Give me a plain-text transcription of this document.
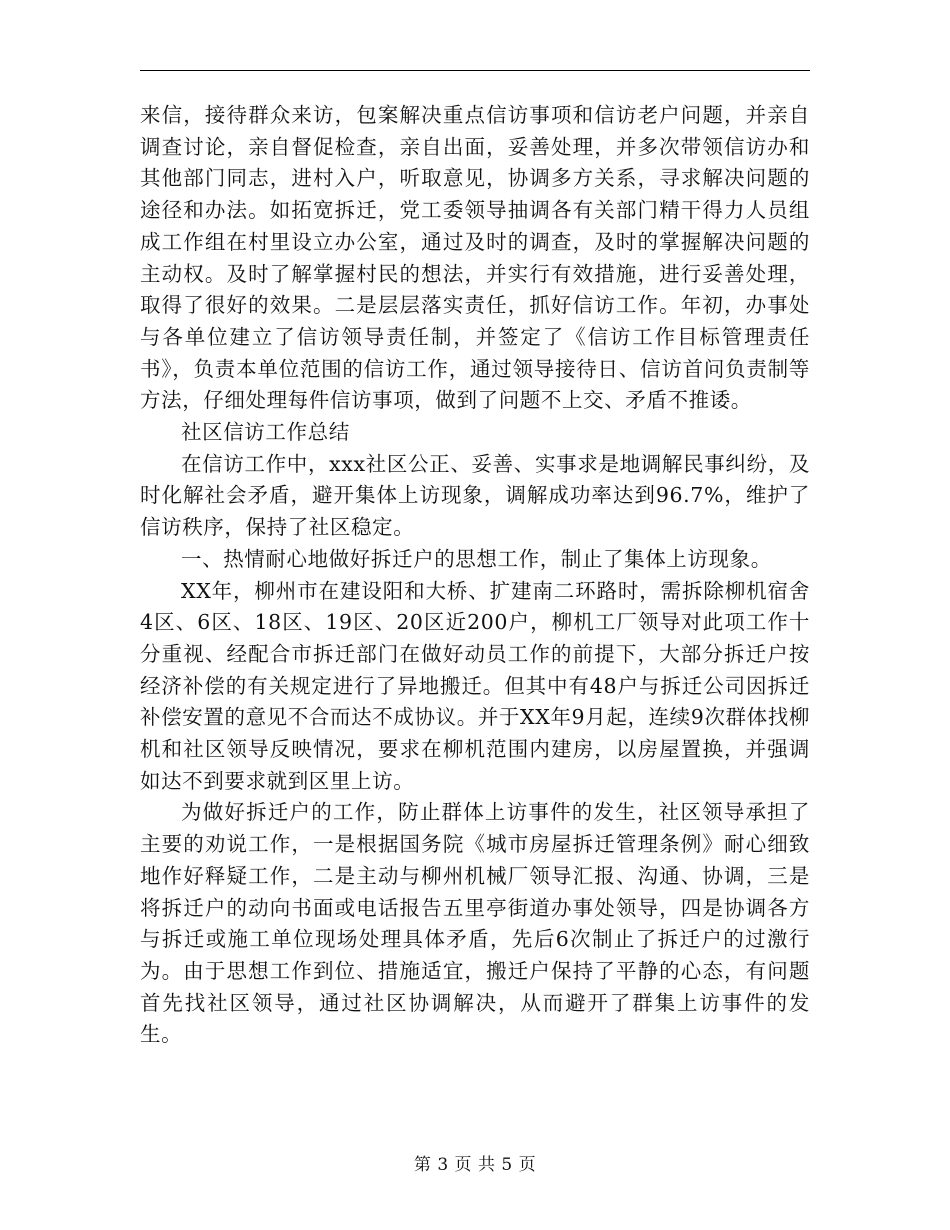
来信，接待群众来访，包案解决重点信访事项和信访老户问题，并亲自调查讨论，亲自督促检查，亲自出面，妥善处理，并多次带领信访办和其他部门同志，进村入户，听取意见，协调多方关系，寻求解决问题的途径和办法。如拓宽拆迁，党工委领导抽调各有关部门精干得力人员组成工作组在村里设立办公室，通过及时的调查，及时的掌握解决问题的主动权。及时了解掌握村民的想法，并实行有效措施，进行妥善处理，取得了很好的效果。二是层层落实责任，抓好信访工作。年初，办事处与各单位建立了信访领导责任制，并签定了《信访工作目标管理责任书》，负责本单位范围的信访工作，通过领导接待日、信访首问负责制等方法，仔细处理每件信访事项，做到了问题不上交、矛盾不推诿。

社区信访工作总结

在信访工作中，xxx社区公正、妥善、实事求是地调解民事纠纷，及时化解社会矛盾，避开集体上访现象，调解成功率达到96.7%，维护了信访秩序，保持了社区稳定。

一、热情耐心地做好拆迁户的思想工作，制止了集体上访现象。

XX年，柳州市在建设阳和大桥、扩建南二环路时，需拆除柳机宿舍4区、6区、18区、19区、20区近200户，柳机工厂领导对此项工作十分重视、经配合市拆迁部门在做好动员工作的前提下，大部分拆迁户按经济补偿的有关规定进行了异地搬迁。但其中有48户与拆迁公司因拆迁补偿安置的意见不合而达不成协议。并于XX年9月起，连续9次群体找柳机和社区领导反映情况，要求在柳机范围内建房，以房屋置换，并强调如达不到要求就到区里上访。

为做好拆迁户的工作，防止群体上访事件的发生，社区领导承担了主要的劝说工作，一是根据国务院《城市房屋拆迁管理条例》耐心细致地作好释疑工作，二是主动与柳州机械厂领导汇报、沟通、协调，三是将拆迁户的动向书面或电话报告五里亭街道办事处领导，四是协调各方与拆迁或施工单位现场处理具体矛盾，先后6次制止了拆迁户的过激行为。由于思想工作到位、措施适宜，搬迁户保持了平静的心态，有问题首先找社区领导，通过社区协调解决，从而避开了群集上访事件的发生。

第 3 页 共 5 页
